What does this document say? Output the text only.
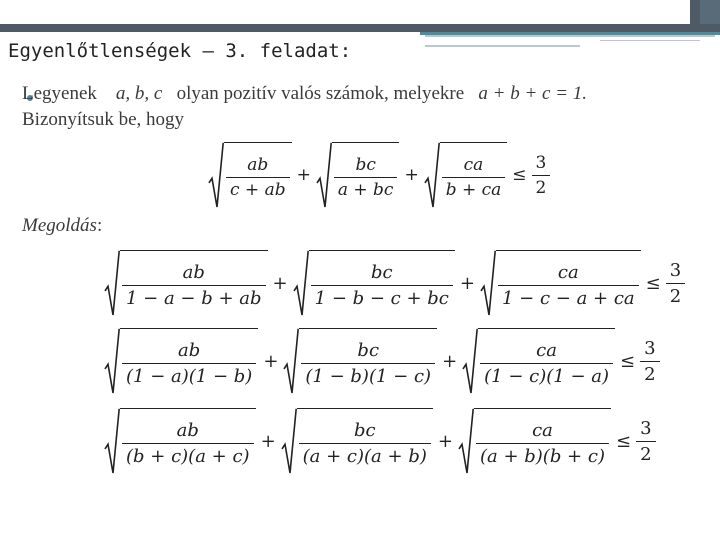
Egyenlőtlenségek – 3. feladat:
Legyenek a, b, c olyan pozitív valós számok, melyekre a + b + c = 1.
Bizonyítsuk be, hogy
$\frac{ab}{c + ab} + \frac{bc}{a + bc} + \frac{ca}{b + ca} \le \frac{3}{2}$
Megoldás:
$\frac{ab}{1 - a - b + ab} + \frac{bc}{1 - b - c + bc} + \frac{ca}{1 - c - a + ca} \le \frac{3}{2}$
$\frac{ab}{(1 - a)(1 - b)} + \frac{bc}{(1 - b)(1 - c)} + \frac{ca}{(1 - c)(1 - a)} \le \frac{3}{2}$
$\frac{ab}{(b + c)(a + c)} + \frac{bc}{(a + c)(a + b)} + \frac{ca}{(a + b)(b + c)} \le \frac{3}{2}$
